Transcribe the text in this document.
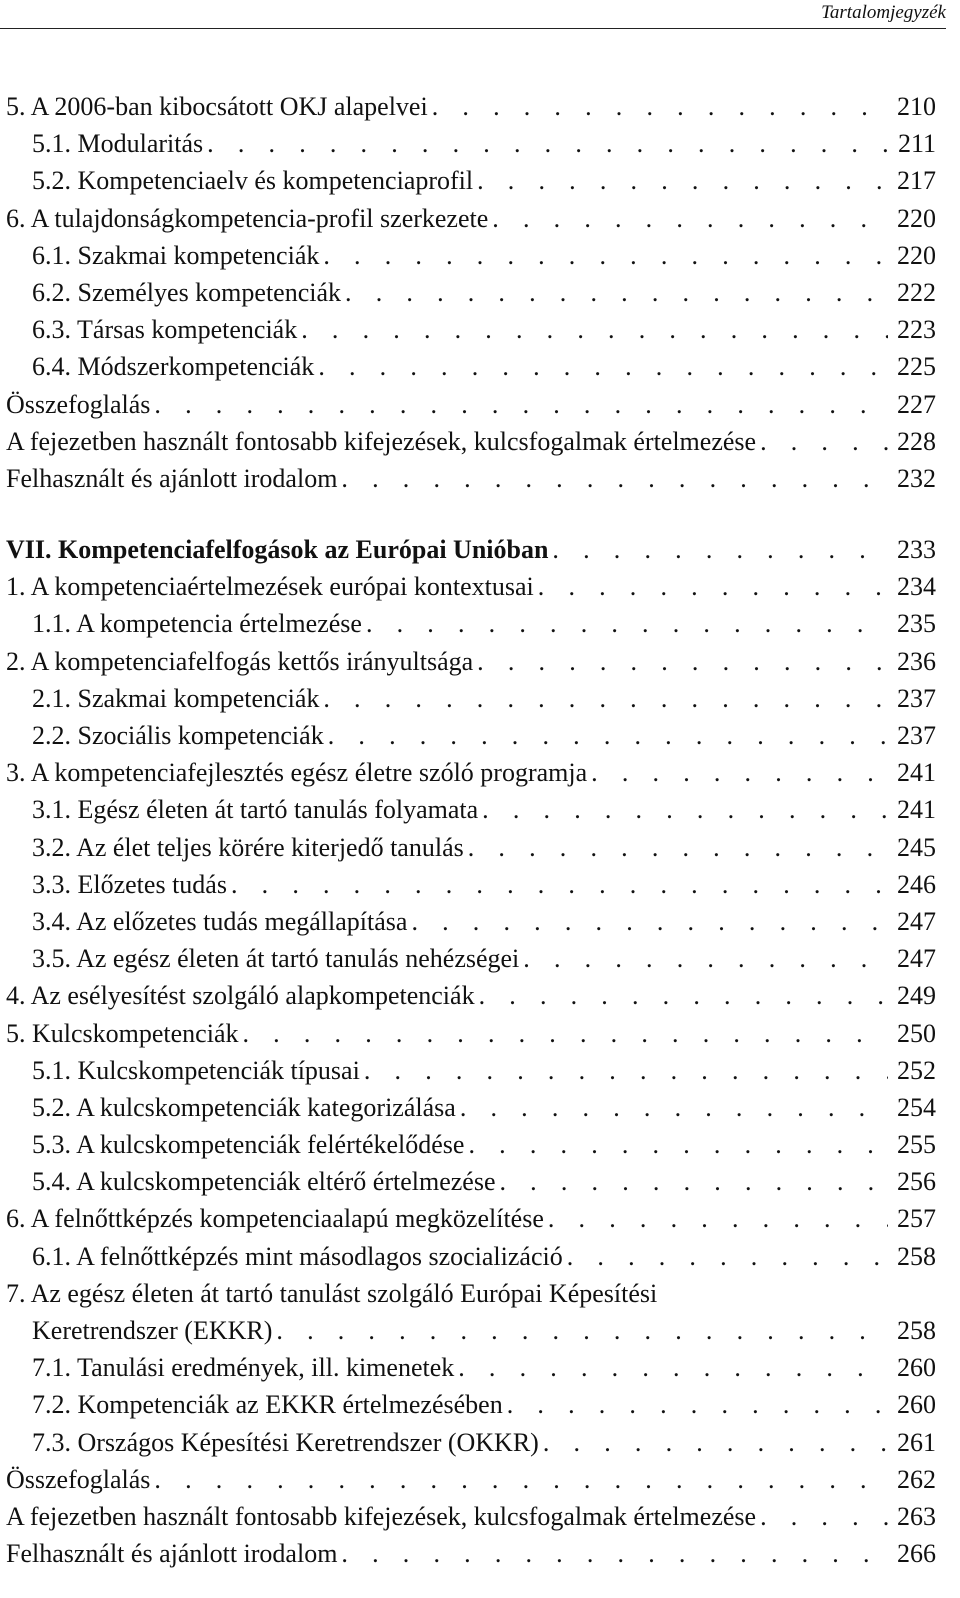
Tartalomjegyzék
5. A 2006-ban kibocsátott OKJ alapelvei . . .	210
5.1. Modularitás . . .	211
5.2. Kompetenciaelv és kompetenciaprofil . . .	217
6. A tulajdonságkompetencia-profil szerkezete . . .	220
6.1. Szakmai kompetenciák . . .	220
6.2. Személyes kompetenciák . . .	222
6.3. Társas kompetenciák . . .	223
6.4. Módszerkompetenciák . . .	225
Összefoglalás . . .	227
A fejezetben használt fontosabb kifejezések, kulcsfogalmak értelmezése . . .	228
Felhasznált és ajánlott irodalom . . .	232
VII. Kompetenciafelfogások az Európai Unióban . . .	233
1. A kompetenciaértelmezések európai kontextusai . . .	234
1.1. A kompetencia értelmezése . . .	235
2. A kompetenciafelfogás kettős irányultsága . . .	236
2.1. Szakmai kompetenciák . . .	237
2.2. Szociális kompetenciák . . .	237
3. A kompetenciafejlesztés egész életre szóló programja . . .	241
3.1. Egész életen át tartó tanulás folyamata . . .	241
3.2. Az élet teljes körére kiterjedő tanulás . . .	245
3.3. Előzetes tudás . . .	246
3.4. Az előzetes tudás megállapítása . . .	247
3.5. Az egész életen át tartó tanulás nehézségei . . .	247
4. Az esélyesítést szolgáló alapkompetenciák . . .	249
5. Kulcskompetenciák . . .	250
5.1. Kulcskompetenciák típusai . . .	252
5.2. A kulcskompetenciák kategorizálása . . .	254
5.3. A kulcskompetenciák felértékelődése . . .	255
5.4. A kulcskompetenciák eltérő értelmezése . . .	256
6. A felnőttképzés kompetenciaalapú megközelítése . . .	257
6.1. A felnőttképzés mint másodlagos szocializáció . . .	258
7. Az egész életen át tartó tanulást szolgáló Európai Képesítési
Keretrendszer (EKKR) . . .	258
7.1. Tanulási eredmények, ill. kimenetek . . .	260
7.2. Kompetenciák az EKKR értelmezésében . . .	260
7.3. Országos Képesítési Keretrendszer (OKKR) . . .	261
Összefoglalás . . .	262
A fejezetben használt fontosabb kifejezések, kulcsfogalmak értelmezése . . .	263
Felhasznált és ajánlott irodalom . . .	266
